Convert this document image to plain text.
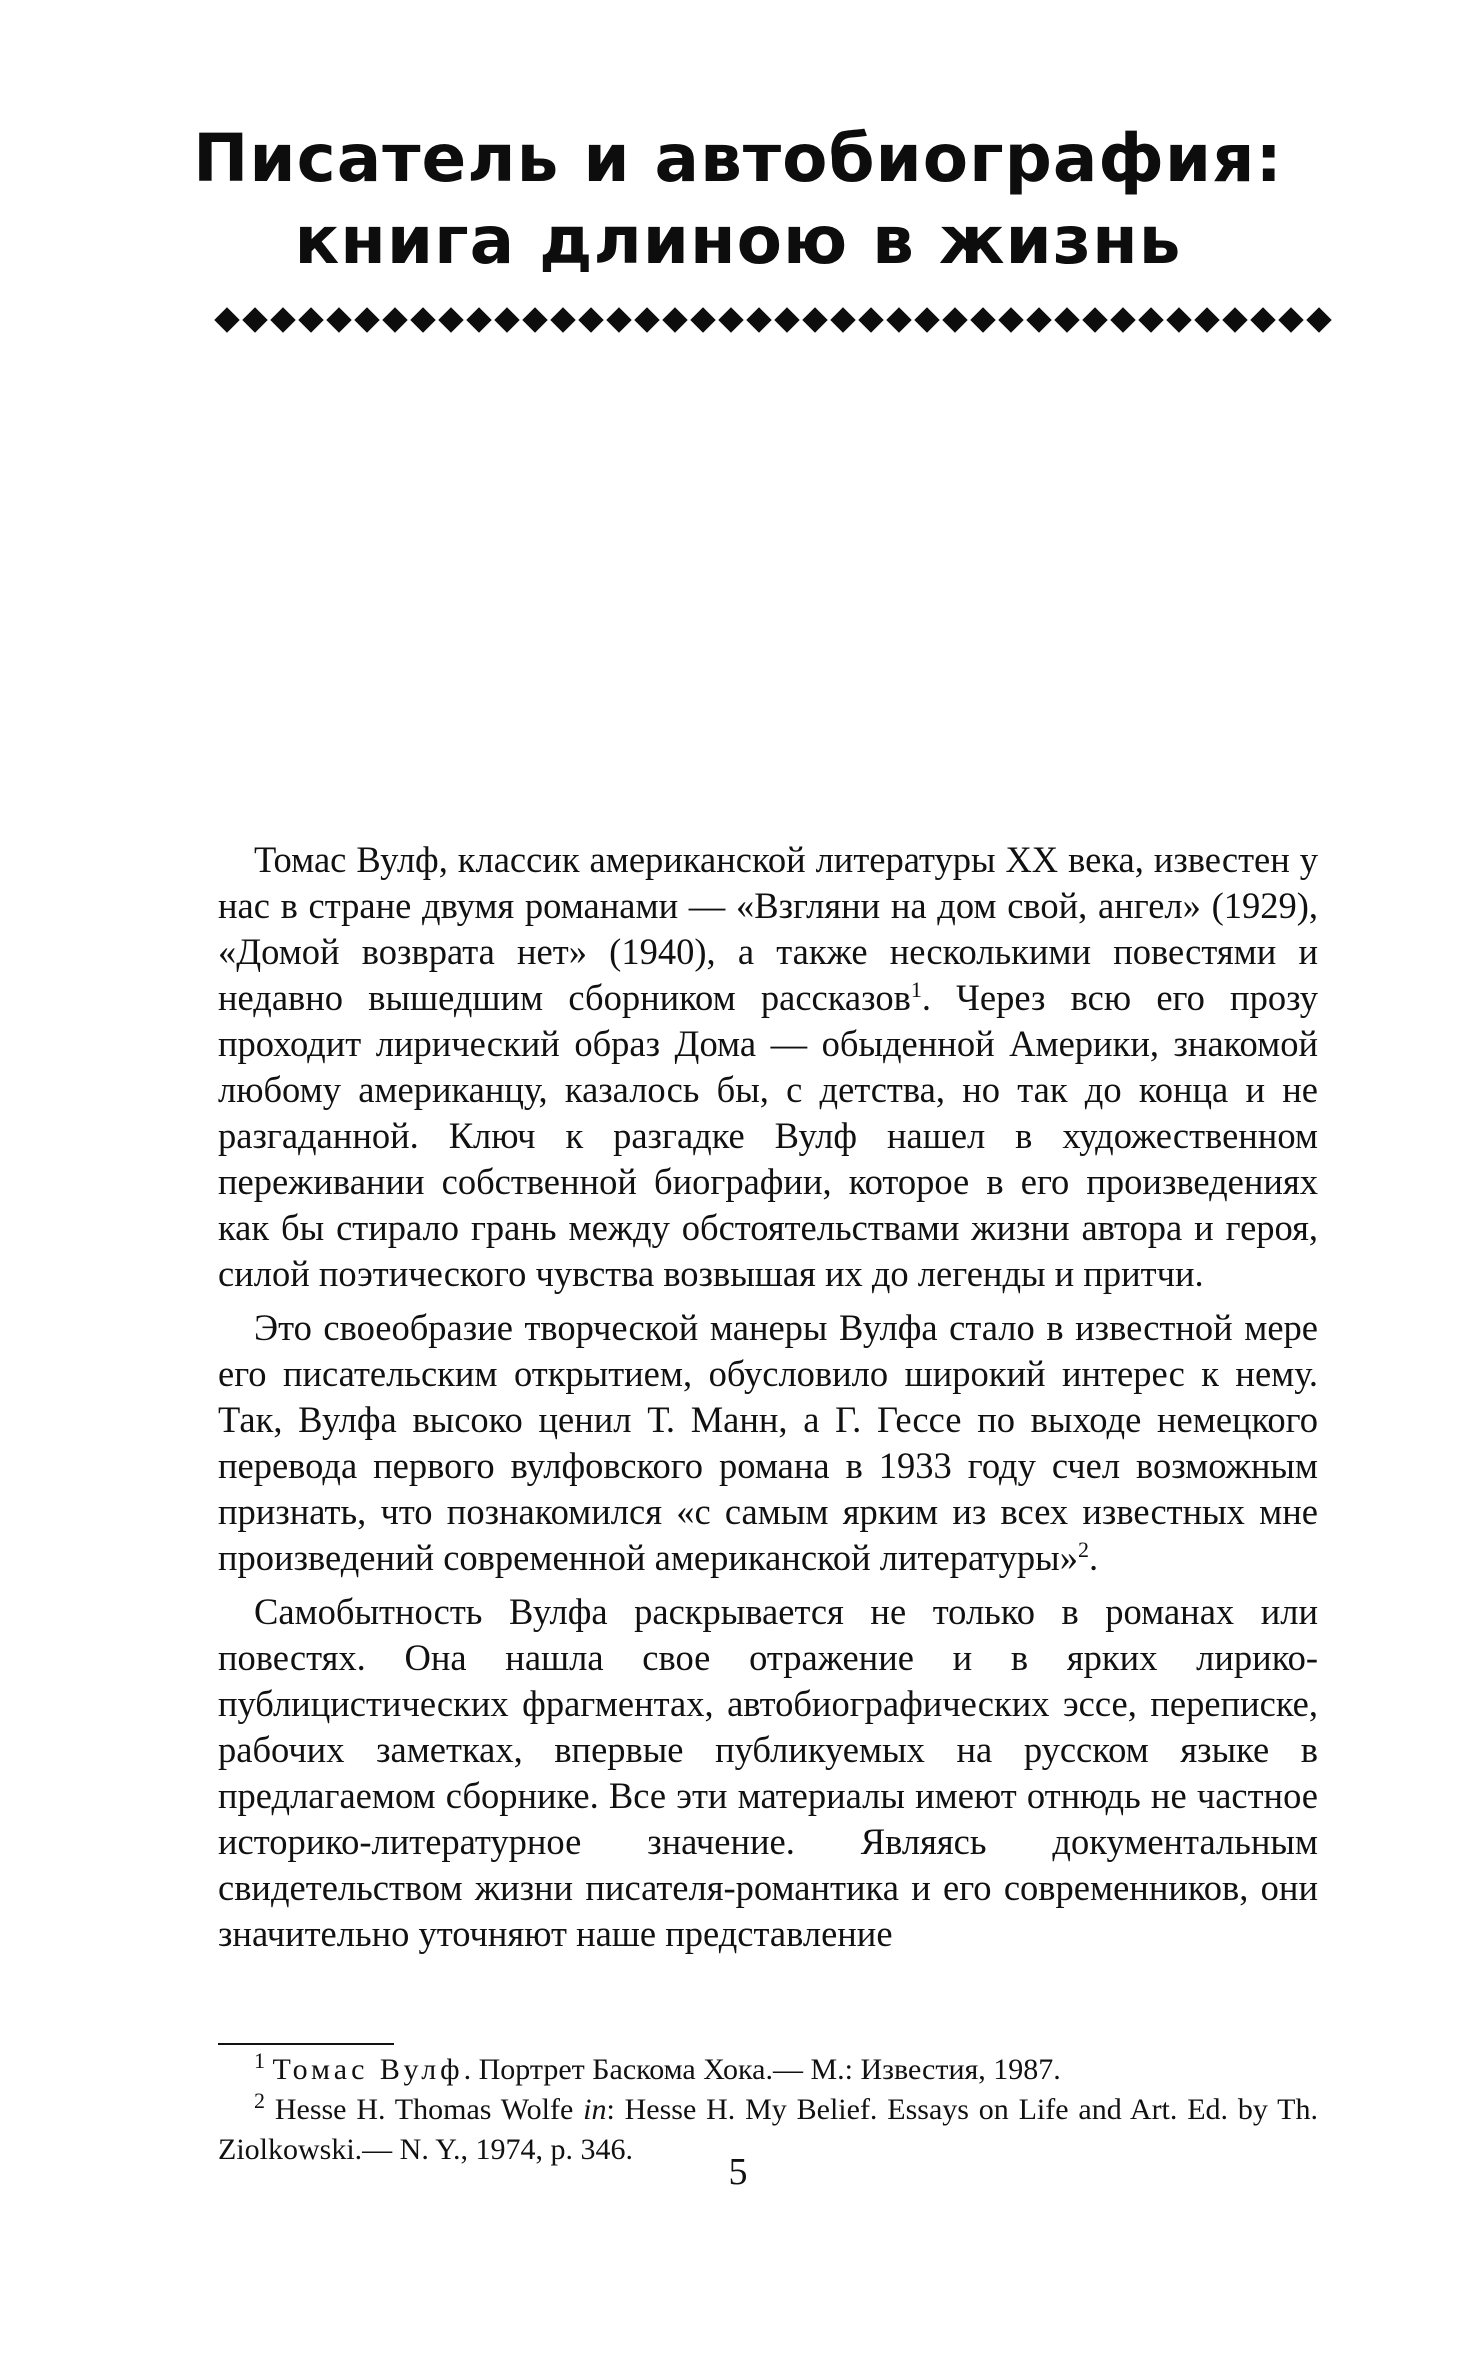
Писатель и автобиография:
книга длиною в жизнь

Томас Вулф, классик американской литературы XX века, известен у нас в стране двумя романами — «Взгляни на дом свой, ангел» (1929), «Домой возврата нет» (1940), а также несколькими повестями и недавно вышедшим сборником рассказов$^1$. Через всю его прозу проходит лирический образ Дома — обыденной Америки, знакомой любому американцу, казалось бы, с детства, но так до конца и не разгаданной. Ключ к разгадке Вулф нашел в художественном переживании собственной биографии, которое в его произведениях как бы стирало грань между обстоятельствами жизни автора и героя, силой поэтического чувства возвышая их до легенды и притчи.

Это своеобразие творческой манеры Вулфа стало в известной мере его писательским открытием, обусловило широкий интерес к нему. Так, Вулфа высоко ценил Т. Манн, а Г. Гессе по выходе немецкого перевода первого вулфовского романа в 1933 году счел возможным признать, что познакомился «с самым ярким из всех известных мне произведений современной американской литературы»$^2$.

Самобытность Вулфа раскрывается не только в романах или повестях. Она нашла свое отражение и в ярких лирико-публицистических фрагментах, автобиографических эссе, переписке, рабочих заметках, впервые публикуемых на русском языке в предлагаемом сборнике. Все эти материалы имеют отнюдь не частное историко-литературное значение. Являясь документальным свидетельством жизни писателя-романтика и его современников, они значительно уточняют наше представление

$^1$ Томас Вулф. Портрет Баскома Хока.— М.: Известия, 1987.

$^2$ Hesse H. Thomas Wolfe in: Hesse H. My Belief. Essays on Life and Art. Ed. by Th. Ziolkowski.— N. Y., 1974, p. 346.

5
